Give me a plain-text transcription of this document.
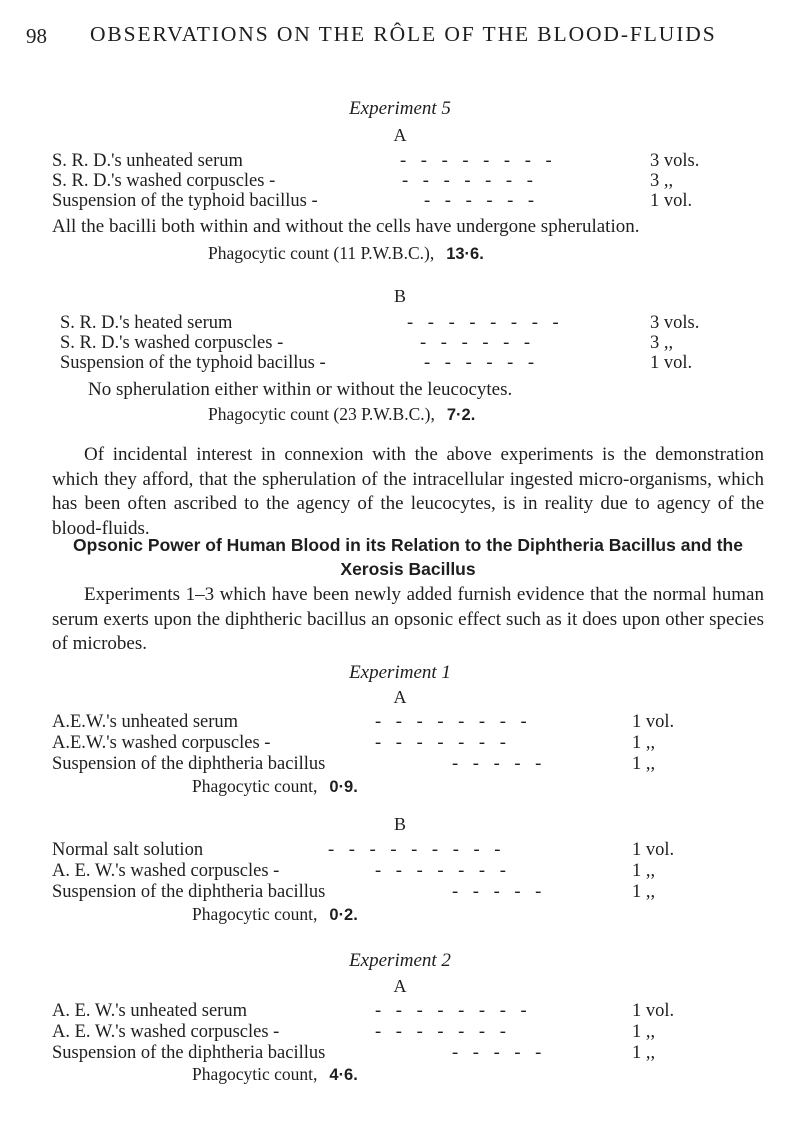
98 OBSERVATIONS ON THE RÔLE OF THE BLOOD-FLUIDS
Experiment 5
A
S. R. D.'s unheated serum	- - - - - - - -	3 vols.
S. R. D.'s washed corpuscles -	- - - - - - -	3 ,,
Suspension of the typhoid bacillus -	- - - - - -	1 vol.
All the bacilli both within and without the cells have undergone spherulation.
Phagocytic count (11 P.W.B.C.), 13·6.
B
S. R. D.'s heated serum	- - - - - - - -	3 vols.
S. R. D.'s washed corpuscles -	- - - - - -	3 ,,
Suspension of the typhoid bacillus -	- - - - - -	1 vol.
No spherulation either within or without the leucocytes.
Phagocytic count (23 P.W.B.C.), 7·2.

Of incidental interest in connexion with the above experiments is the demonstration which they afford, that the spherulation of the intracellular ingested micro-organisms, which has been often ascribed to the agency of the leucocytes, is in reality due to agency of the blood-fluids.

Opsonic Power of Human Blood in its Relation to the Diphtheria Bacillus and the Xerosis Bacillus

Experiments 1–3 which have been newly added furnish evidence that the normal human serum exerts upon the diphtheric bacillus an opsonic effect such as it does upon other species of microbes.

Experiment 1
A
A.E.W.'s unheated serum	- - - - - - - -	1 vol.
A.E.W.'s washed corpuscles -	- - - - - - -	1 ,,
Suspension of the diphtheria bacillus	- - - - -	1 ,,
Phagocytic count, 0·9.
B
Normal salt solution	- - - - - - - - -	1 vol.
A. E. W.'s washed corpuscles -	- - - - - - -	1 ,,
Suspension of the diphtheria bacillus	- - - - -	1 ,,
Phagocytic count, 0·2.
Experiment 2
A
A. E. W.'s unheated serum	- - - - - - - -	1 vol.
A. E. W.'s washed corpuscles -	- - - - - - -	1 ,,
Suspension of the diphtheria bacillus	- - - - -	1 ,,
Phagocytic count, 4·6.
